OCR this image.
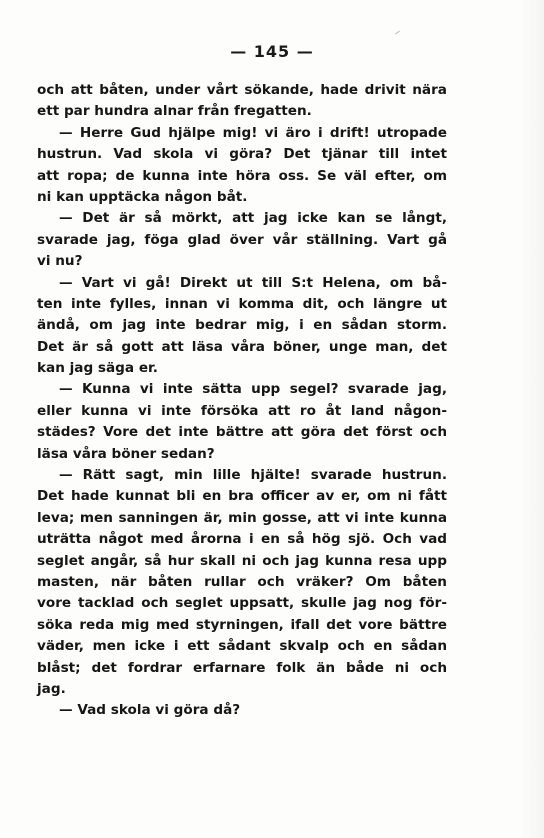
— 145 —
och att båten, under vårt sökande, hade drivit nära
ett par hundra alnar från fregatten.
— Herre Gud hjälpe mig! vi äro i drift! utropade
hustrun. Vad skola vi göra? Det tjänar till intet
att ropa; de kunna inte höra oss. Se väl efter, om
ni kan upptäcka någon båt.
— Det är så mörkt, att jag icke kan se långt,
svarade jag, föga glad över vår ställning. Vart gå
vi nu?
— Vart vi gå! Direkt ut till S:t Helena, om bå-
ten inte fylles, innan vi komma dit, och längre ut
ändå, om jag inte bedrar mig, i en sådan storm.
Det är så gott att läsa våra böner, unge man, det
kan jag säga er.
— Kunna vi inte sätta upp segel? svarade jag,
eller kunna vi inte försöka att ro åt land någon-
städes? Vore det inte bättre att göra det först och
läsa våra böner sedan?
— Rätt sagt, min lille hjälte! svarade hustrun.
Det hade kunnat bli en bra officer av er, om ni fått
leva; men sanningen är, min gosse, att vi inte kunna
uträtta något med årorna i en så hög sjö. Och vad
seglet angår, så hur skall ni och jag kunna resa upp
masten, när båten rullar och vräker? Om båten
vore tacklad och seglet uppsatt, skulle jag nog för-
söka reda mig med styrningen, ifall det vore bättre
väder, men icke i ett sådant skvalp och en sådan
blåst; det fordrar erfarnare folk än både ni och
jag.
— Vad skola vi göra då?
